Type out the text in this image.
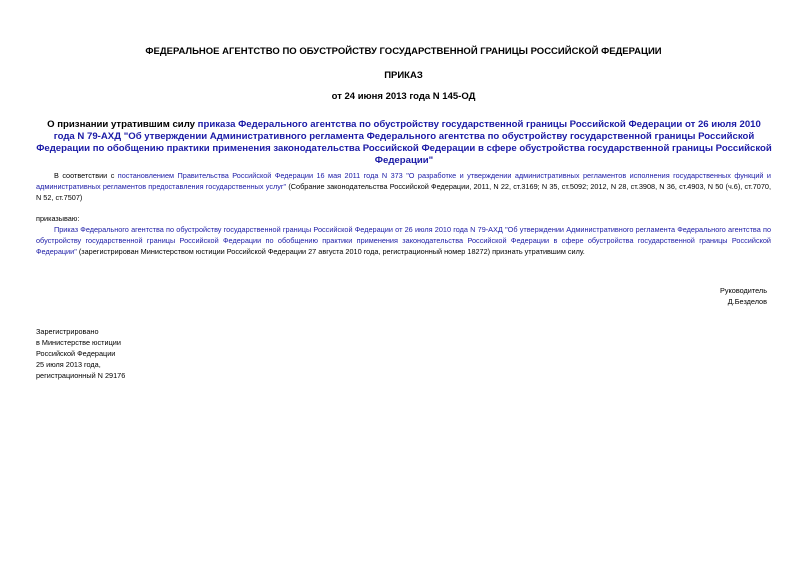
ФЕДЕРАЛЬНОЕ АГЕНТСТВО ПО ОБУСТРОЙСТВУ ГОСУДАРСТВЕННОЙ ГРАНИЦЫ РОССИЙСКОЙ ФЕДЕРАЦИИ
ПРИКАЗ
от 24 июня 2013 года N 145-ОД
О признании утратившим силу приказа Федерального агентства по обустройству государственной границы Российской Федерации от 26 июля 2010 года N 79-АХД "Об утверждении Административного регламента Федерального агентства по обустройству государственной границы Российской Федерации по обобщению практики применения законодательства Российской Федерации в сфере обустройства государственной границы Российской Федерации"
В соответствии с постановлением Правительства Российской Федерации 16 мая 2011 года N 373 "О разработке и утверждении административных регламентов исполнения государственных функций и административных регламентов предоставления государственных услуг" (Собрание законодательства Российской Федерации, 2011, N 22, ст.3169; N 35, ст.5092; 2012, N 28, ст.3908, N 36, ст.4903, N 50 (ч.6), ст.7070, N 52, ст.7507)
приказываю:
Приказ Федерального агентства по обустройству государственной границы Российской Федерации от 26 июля 2010 года N 79-АХД "Об утверждении Административного регламента Федерального агентства по обустройству государственной границы Российской Федерации по обобщению практики применения законодательства Российской Федерации в сфере обустройства государственной границы Российской Федерации" (зарегистрирован Министерством юстиции Российской Федерации 27 августа 2010 года, регистрационный номер 18272) признать утратившим силу.
Руководитель
Д.Безделов
Зарегистрировано
в Министерстве юстиции
Российской Федерации
25 июля 2013 года,
регистрационный N 29176
